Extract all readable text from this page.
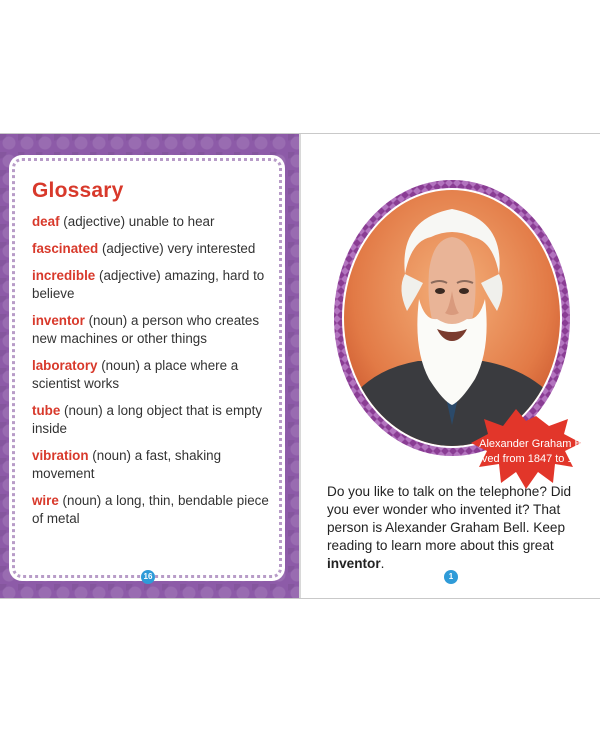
Glossary
deaf (adjective) unable to hear
fascinated (adjective) very interested
incredible (adjective) amazing, hard to believe
inventor (noun) a person who creates new machines or other things
laboratory (noun) a place where a scientist works
tube (noun) a long object that is empty inside
vibration (noun) a fast, shaking movement
wire (noun) a long, thin, bendable piece of metal
16
Alexander Graham Bell lived from 1847 to 1922.

Do you like to talk on the telephone? Did you ever wonder who invented it? That person is Alexander Graham Bell. Keep reading to learn more about this great inventor.

1
